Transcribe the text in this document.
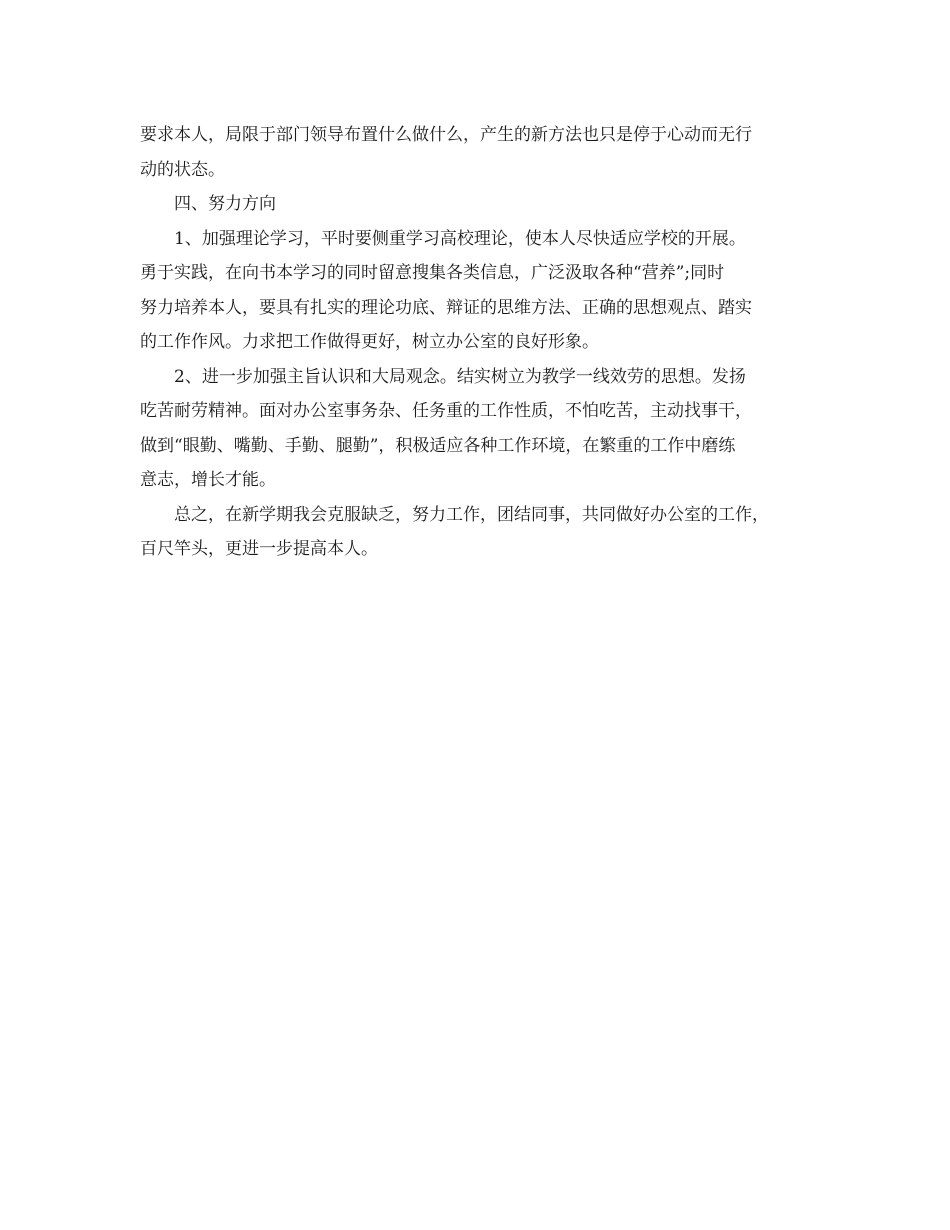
要求本人，局限于部门领导布置什么做什么，产生的新方法也只是停于心动而无行
动的状态。
四、努力方向
1、加强理论学习，平时要侧重学习高校理论，使本人尽快适应学校的开展。
勇于实践，在向书本学习的同时留意搜集各类信息，广泛汲取各种“营养”;同时
努力培养本人，要具有扎实的理论功底、辩证的思维方法、正确的思想观点、踏实
的工作作风。力求把工作做得更好，树立办公室的良好形象。
2、进一步加强主旨认识和大局观念。结实树立为教学一线效劳的思想。发扬
吃苦耐劳精神。面对办公室事务杂、任务重的工作性质，不怕吃苦，主动找事干，
做到“眼勤、嘴勤、手勤、腿勤”，积极适应各种工作环境，在繁重的工作中磨练
意志，增长才能。
总之，在新学期我会克服缺乏，努力工作，团结同事，共同做好办公室的工作，
百尺竿头，更进一步提高本人。
